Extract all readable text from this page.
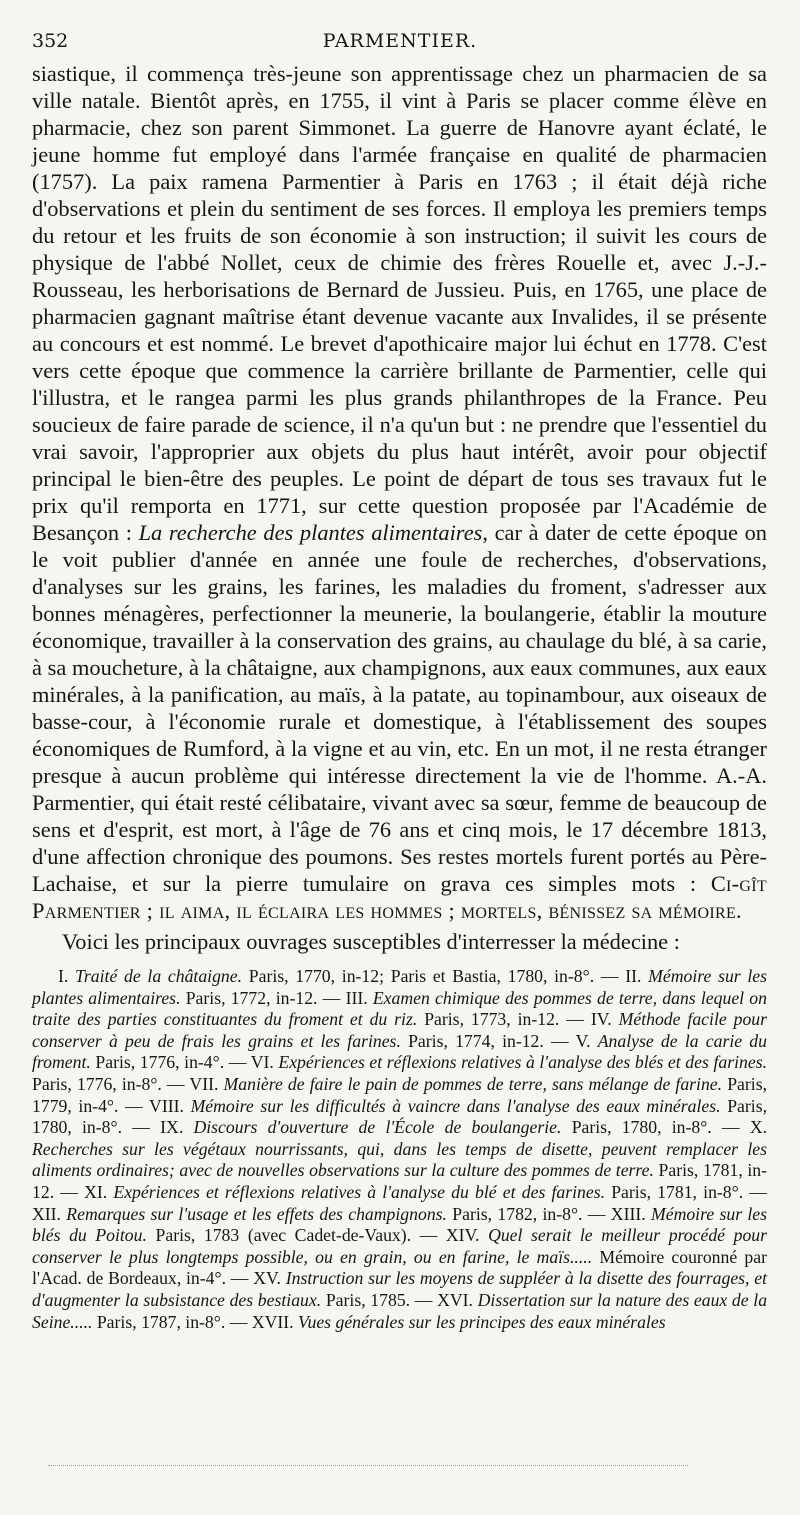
352	PARMENTIER.

siastique, il commença très-jeune son apprentissage chez un pharmacien de sa ville natale. Bientôt après, en 1755, il vint à Paris se placer comme élève en pharmacie, chez son parent Simmonet. La guerre de Hanovre ayant éclaté, le jeune homme fut employé dans l'armée française en qualité de pharmacien (1757). La paix ramena Parmentier à Paris en 1763 ; il était déjà riche d'observations et plein du sentiment de ses forces. Il employa les premiers temps du retour et les fruits de son économie à son instruction; il suivit les cours de physique de l'abbé Nollet, ceux de chimie des frères Rouelle et, avec J.-J.-Rousseau, les herborisations de Bernard de Jussieu. Puis, en 1765, une place de pharmacien gagnant maîtrise étant devenue vacante aux Invalides, il se présente au concours et est nommé. Le brevet d'apothicaire major lui échut en 1778. C'est vers cette époque que commence la carrière brillante de Parmentier, celle qui l'illustra, et le rangea parmi les plus grands philanthropes de la France. Peu soucieux de faire parade de science, il n'a qu'un but : ne prendre que l'essentiel du vrai savoir, l'approprier aux objets du plus haut intérêt, avoir pour objectif principal le bien-être des peuples. Le point de départ de tous ses travaux fut le prix qu'il remporta en 1771, sur cette question proposée par l'Académie de Besançon : La recherche des plantes alimentaires, car à dater de cette époque on le voit publier d'année en année une foule de recherches, d'observations, d'analyses sur les grains, les farines, les maladies du froment, s'adresser aux bonnes ménagères, perfectionner la meunerie, la boulangerie, établir la mouture économique, travailler à la conservation des grains, au chaulage du blé, à sa carie, à sa moucheture, à la châtaigne, aux champignons, aux eaux communes, aux eaux minérales, à la panification, au maïs, à la patate, au topinambour, aux oiseaux de basse-cour, à l'économie rurale et domestique, à l'établissement des soupes économiques de Rumford, à la vigne et au vin, etc. En un mot, il ne resta étranger presque à aucun problème qui intéresse directement la vie de l'homme. A.-A. Parmentier, qui était resté célibataire, vivant avec sa sœur, femme de beaucoup de sens et d'esprit, est mort, à l'âge de 76 ans et cinq mois, le 17 décembre 1813, d'une affection chronique des poumons. Ses restes mortels furent portés au Père-Lachaise, et sur la pierre tumulaire on grava ces simples mots : Ci-gît Parmentier ; il aima, il éclaira les hommes ; mortels, bénissez sa mémoire.

Voici les principaux ouvrages susceptibles d'interresser la médecine :

I. Traité de la châtaigne. Paris, 1770, in-12; Paris et Bastia, 1780, in-8°. — II. Mémoire sur les plantes alimentaires. Paris, 1772, in-12. — III. Examen chimique des pommes de terre, dans lequel on traite des parties constituantes du froment et du riz. Paris, 1773, in-12. — IV. Méthode facile pour conserver à peu de frais les grains et les farines. Paris, 1774, in-12. — V. Analyse de la carie du froment. Paris, 1776, in-4°. — VI. Expériences et réflexions relatives à l'analyse des blés et des farines. Paris, 1776, in-8°. — VII. Manière de faire le pain de pommes de terre, sans mélange de farine. Paris, 1779, in-4°. — VIII. Mémoire sur les difficultés à vaincre dans l'analyse des eaux minérales. Paris, 1780, in-8°. — IX. Discours d'ouverture de l'École de boulangerie. Paris, 1780, in-8°. — X. Recherches sur les végétaux nourrissants, qui, dans les temps de disette, peuvent remplacer les aliments ordinaires; avec de nouvelles observations sur la culture des pommes de terre. Paris, 1781, in-12. — XI. Expériences et réflexions relatives à l'analyse du blé et des farines. Paris, 1781, in-8°. — XII. Remarques sur l'usage et les effets des champignons. Paris, 1782, in-8°. — XIII. Mémoire sur les blés du Poitou. Paris, 1783 (avec Cadet-de-Vaux). — XIV. Quel serait le meilleur procédé pour conserver le plus longtemps possible, ou en grain, ou en farine, le maïs..... Mémoire couronné par l'Acad. de Bordeaux, in-4°. — XV. Instruction sur les moyens de suppléer à la disette des fourrages, et d'augmenter la subsistance des bestiaux. Paris, 1785. — XVI. Dissertation sur la nature des eaux de la Seine..... Paris, 1787, in-8°. — XVII. Vues générales sur les principes des eaux minérales
